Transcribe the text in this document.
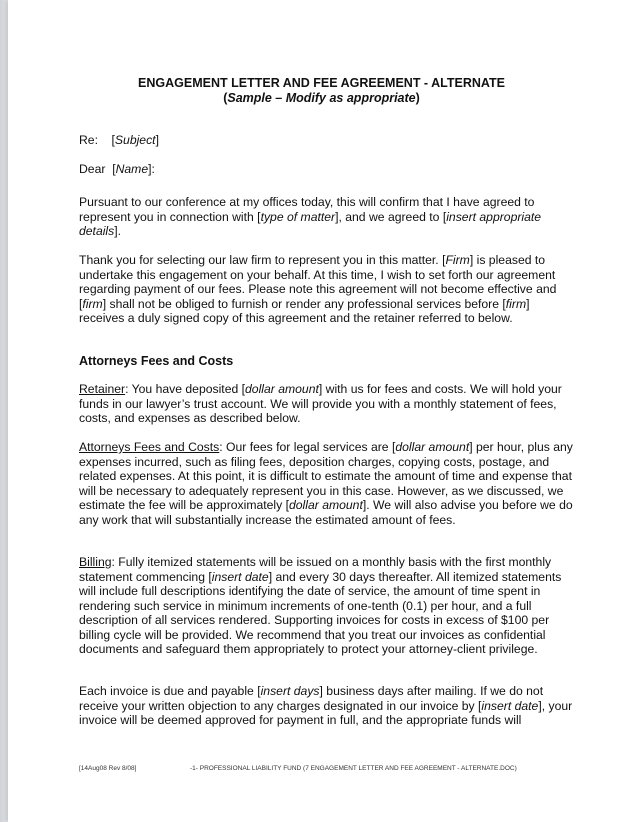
ENGAGEMENT LETTER AND FEE AGREEMENT - ALTERNATE
(Sample – Modify as appropriate)
Re: [Subject]
Dear [Name]:

Pursuant to our conference at my offices today, this will confirm that I have agreed to represent you in connection with [type of matter], and we agreed to [insert appropriate details].

Thank you for selecting our law firm to represent you in this matter. [Firm] is pleased to undertake this engagement on your behalf. At this time, I wish to set forth our agreement regarding payment of our fees. Please note this agreement will not become effective and [firm] shall not be obliged to furnish or render any professional services before [firm] receives a duly signed copy of this agreement and the retainer referred to below.

Attorneys Fees and Costs

Retainer: You have deposited [dollar amount] with us for fees and costs. We will hold your funds in our lawyer’s trust account. We will provide you with a monthly statement of fees, costs, and expenses as described below.

Attorneys Fees and Costs: Our fees for legal services are [dollar amount] per hour, plus any expenses incurred, such as filing fees, deposition charges, copying costs, postage, and related expenses. At this point, it is difficult to estimate the amount of time and expense that will be necessary to adequately represent you in this case. However, as we discussed, we estimate the fee will be approximately [dollar amount]. We will also advise you before we do any work that will substantially increase the estimated amount of fees.

Billing: Fully itemized statements will be issued on a monthly basis with the first monthly statement commencing [insert date] and every 30 days thereafter. All itemized statements will include full descriptions identifying the date of service, the amount of time spent in rendering such service in minimum increments of one-tenth (0.1) per hour, and a full description of all services rendered. Supporting invoices for costs in excess of $100 per billing cycle will be provided. We recommend that you treat our invoices as confidential documents and safeguard them appropriately to protect your attorney-client privilege.

Each invoice is due and payable [insert days] business days after mailing. If we do not receive your written objection to any charges designated in our invoice by [insert date], your invoice will be deemed approved for payment in full, and the appropriate funds will

[14Aug08 Rev 8/08]	-1- PROFESSIONAL LIABILITY FUND (7 ENGAGEMENT LETTER AND FEE AGREEMENT - ALTERNATE.DOC)
